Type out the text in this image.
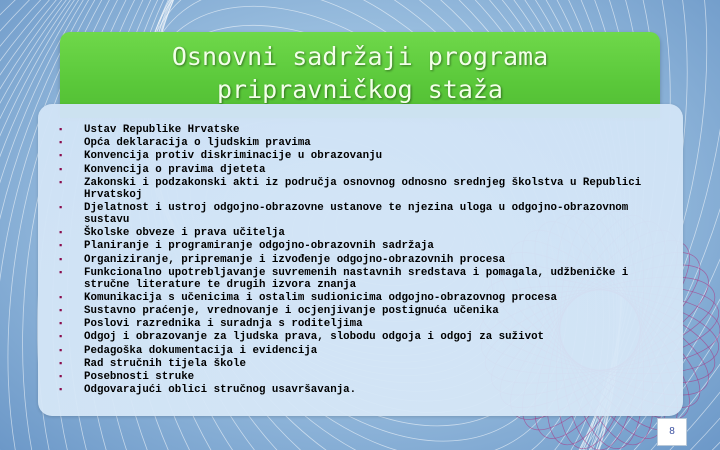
Osnovni sadržaji programa
pripravničkog staža
▪ Ustav Republike Hrvatske
▪ Opća deklaracija o ljudskim pravima
▪ Konvencija protiv diskriminacije u obrazovanju
▪ Konvencija o pravima djeteta
▪ Zakonski i podzakonski akti iz područja osnovnog odnosno srednjeg školstva u Republici Hrvatskoj
▪ Djelatnost i ustroj odgojno-obrazovne ustanove te njezina uloga u odgojno-obrazovnom sustavu
▪ Školske obveze i prava učitelja
▪ Planiranje i programiranje odgojno-obrazovnih sadržaja
▪ Organiziranje, pripremanje i izvođenje odgojno-obrazovnih procesa
▪ Funkcionalno upotrebljavanje suvremenih nastavnih sredstava i pomagala, udžbeničke i stručne literature te drugih izvora znanja
▪ Komunikacija s učenicima i ostalim sudionicima odgojno-obrazovnog procesa
▪ Sustavno praćenje, vrednovanje i ocjenjivanje postignuća učenika
▪ Poslovi razrednika i suradnja s roditeljima
▪ Odgoj i obrazovanje za ljudska prava, slobodu odgoja i odgoj za suživot
▪ Pedagoška dokumentacija i evidencija
▪ Rad stručnih tijela škole
▪ Posebnosti struke
▪ Odgovarajući oblici stručnog usavršavanja.
8
